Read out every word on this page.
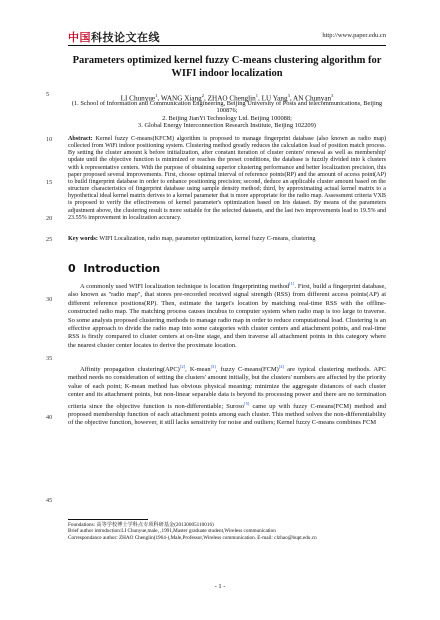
中国科技论文在线	http://www.paper.edu.cn
Parameters optimized kernel fuzzy C-means clustering algorithm for WIFI indoor localization
LI Chunyue$^1$, WANG Xiang$^2$, ZHAO Chenglin$^1$, LU Yang$^3$, AN Chunyan$^3$
(1. School of Information and Communication Engineering, Beijing University of Posts and telecommunications, Beijing 100876;
2. Beijing JianYi Technology Ltd. Beijing 100088;
3. Global Energy Interconnection Research Institute, Beijing 102209)
5
10
15
20
25
30
35
40
45
Abstract: Kernel fuzzy C-means(KFCM) algorithm is proposed to manage fingerprint database (also known as radio map) collected from WiFi indoor positioning system. Clustering method greatly reduces the calculation load of position match process. By setting the cluster amount k before initialization, after constant iteration of cluster centers' renewal as well as membership' update until the objective function is minimized or reaches the preset conditions, the database is fuzzily divided into k clusters with k representative centers. With the purpose of obtaining superior clustering performance and better localization precision, this paper proposed several improvements. First, choose optimal interval of reference points(RP) and the amount of access point(AP) to build fingerprint database in order to enhance positioning precision; second, deduce an applicable cluster amount based on the structure characteristics of fingerprint database using sample density method; third, by approximating actual kernel matrix to a hypothetical ideal kernel matrix derives to a kernel parameter that is more appropriate for the radio map. Assessment criteria VXB is proposed to verify the effectiveness of kernel parameter's optimization based on Iris dataset. By means of the parameters adjustment above, the clustering result is more suitable for the selected datasets, and the last two improvements lead to 19.5% and 23.55% improvement in localization accuracy.
Key words: WIFI Localization, radio map, parameter optimization, kernel fuzzy C-means, clustering
0 Introduction
A commonly used WIFI localization technique is location fingerprinting method[1]. First, build a fingerprint database, also known as "radio map", that stores pre-recorded received signal strength (RSS) from different access points(AP) at different reference positions(RP). Then, estimate the target's location by matching real-time RSS with the offline-constructed radio map. The matching process causes incubus to computer system when radio map is too large to traverse. So some analysts proposed clustering methods to manage radio map in order to reduce computational load. Clustering is an effective approach to divide the radio map into some categories with cluster centers and attachment points, and real-time RSS is firstly compared to cluster centers at on-line stage, and then traverse all attachment points in this category where the nearest cluster center locates to derive the proximate location.
Affinity propagation clustering(APC)[2], K-mean[3], fuzzy C-means(FCM)[4] are typical clustering methods. APC method needs no consideration of setting the clusters' amount initially, but the clusters' numbers are affected by the priority value of each point; K-mean method has obvious physical meaning: minimize the aggregate distances of each cluster center and its attachment points, but non-linear separable data is beyond its processing power and there are no termination criteria since the objective function is non-differentiable; Suroso[5] came up with fuzzy C-means(FCM) method and proposed membership function of each attachment points among each cluster. This method solves the non-differentiability of the objective function, however, it still lacks sensitivity for noise and outliers; Kernel fuzzy C-means combines FCM
Foundations: 高等学校博士学科点专项科研基金(20130005110016)
Brief author introduction:LI Chunyue,male, ,1991,Master graduate student,Wireless communication
Correspondance author: ZHAO Chenglin(1964-),Male,Professor,Wireless communication. E-mail: clzhao@bupt.edu.cn
- 1 -
